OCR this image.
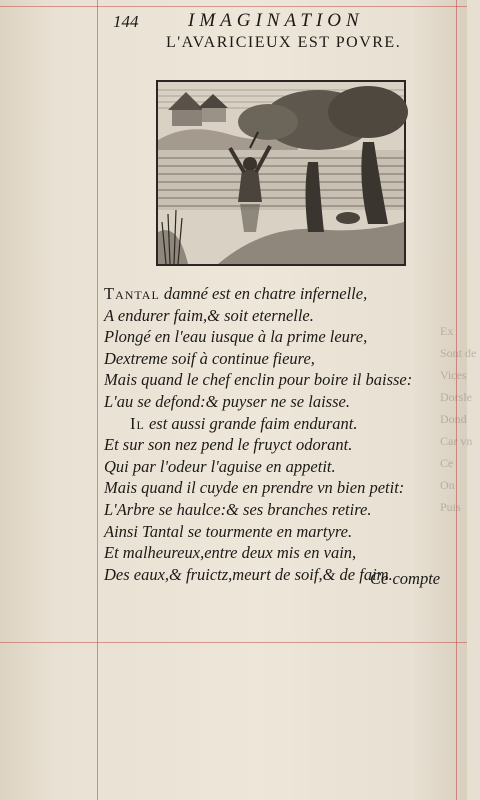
Ex
Sont de
Vices
Dorsle
Dond
Car vn
Ce
On
Puis
144	IMAGINATION
L'AVARICIEUX EST POVRE.
Tantal damné est en chatre infernelle,
A endurer faim,& soit eternelle.
Plongé en l'eau iusque à la prime leure,
Dextreme soif à continue fieure,
Mais quand le chef enclin pour boire il baisse:
L'au se defond:& puyser ne se laisse.
Il est aussi grande faim endurant.
Et sur son nez pend le fruyct odorant.
Qui par l'odeur l'aguise en appetit.
Mais quand il cuyde en prendre vn bien petit:
L'Arbre se haulce:& ses branches retire.
Ainsi Tantal se tourmente en martyre.
Et malheureux,entre deux mis en vain,
Des eaux,& fruictz,meurt de soif,& de faim.
Ce compte
